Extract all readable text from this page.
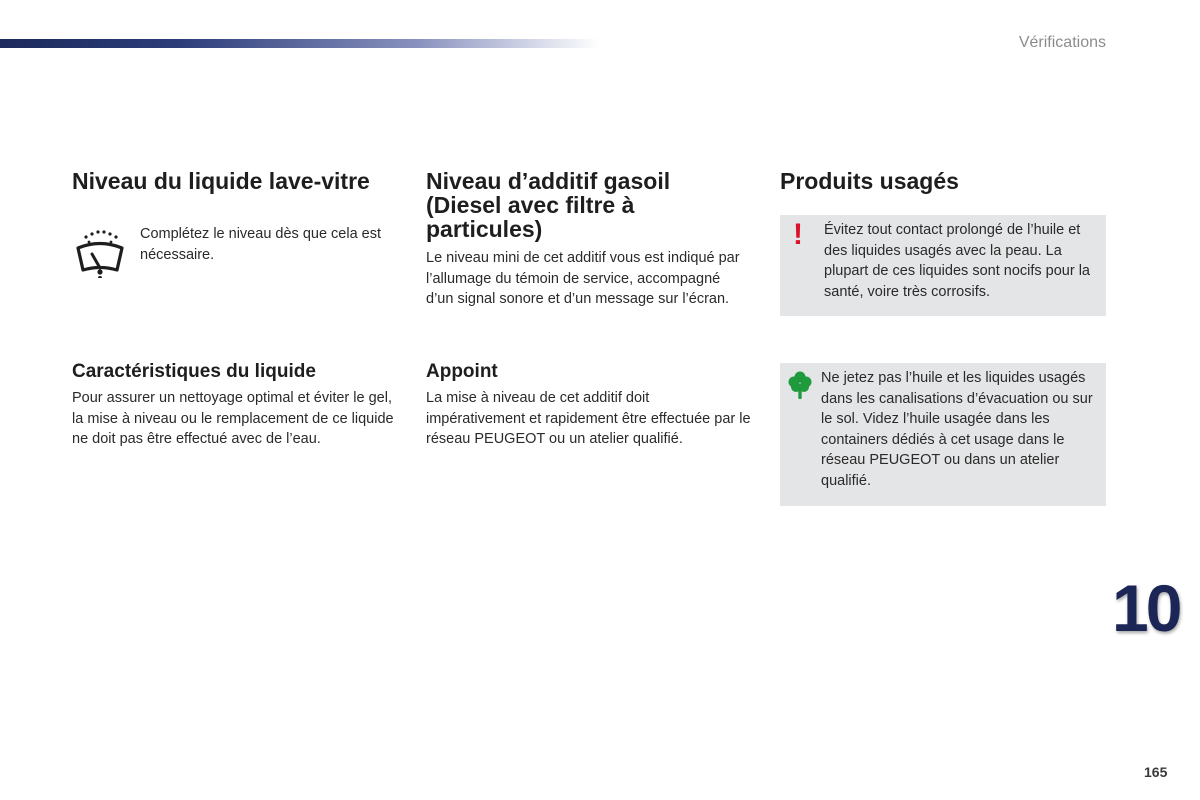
Vérifications
Niveau du liquide lave-vitre

Complétez le niveau dès que cela est nécessaire.

Caractéristiques du liquide

Pour assurer un nettoyage optimal et éviter le gel, la mise à niveau ou le remplacement de ce liquide ne doit pas être effectué avec de l’eau.

Niveau d’additif gasoil
(Diesel avec filtre à
particules)

Le niveau mini de cet additif vous est indiqué par l’allumage du témoin de service, accompagné d’un signal sonore et d’un message sur l’écran.

Appoint

La mise à niveau de cet additif doit impérativement et rapidement être effectuée par le réseau PEUGEOT ou un atelier qualifié.

Produits usagés
! Évitez tout contact prolongé de l’huile et des liquides usagés avec la peau. La plupart de ces liquides sont nocifs pour la santé, voire très corrosifs.

Ne jetez pas l’huile et les liquides usagés dans les canalisations d’évacuation ou sur le sol. Videz l’huile usagée dans les containers dédiés à cet usage dans le réseau PEUGEOT ou dans un atelier qualifié.

10
165
